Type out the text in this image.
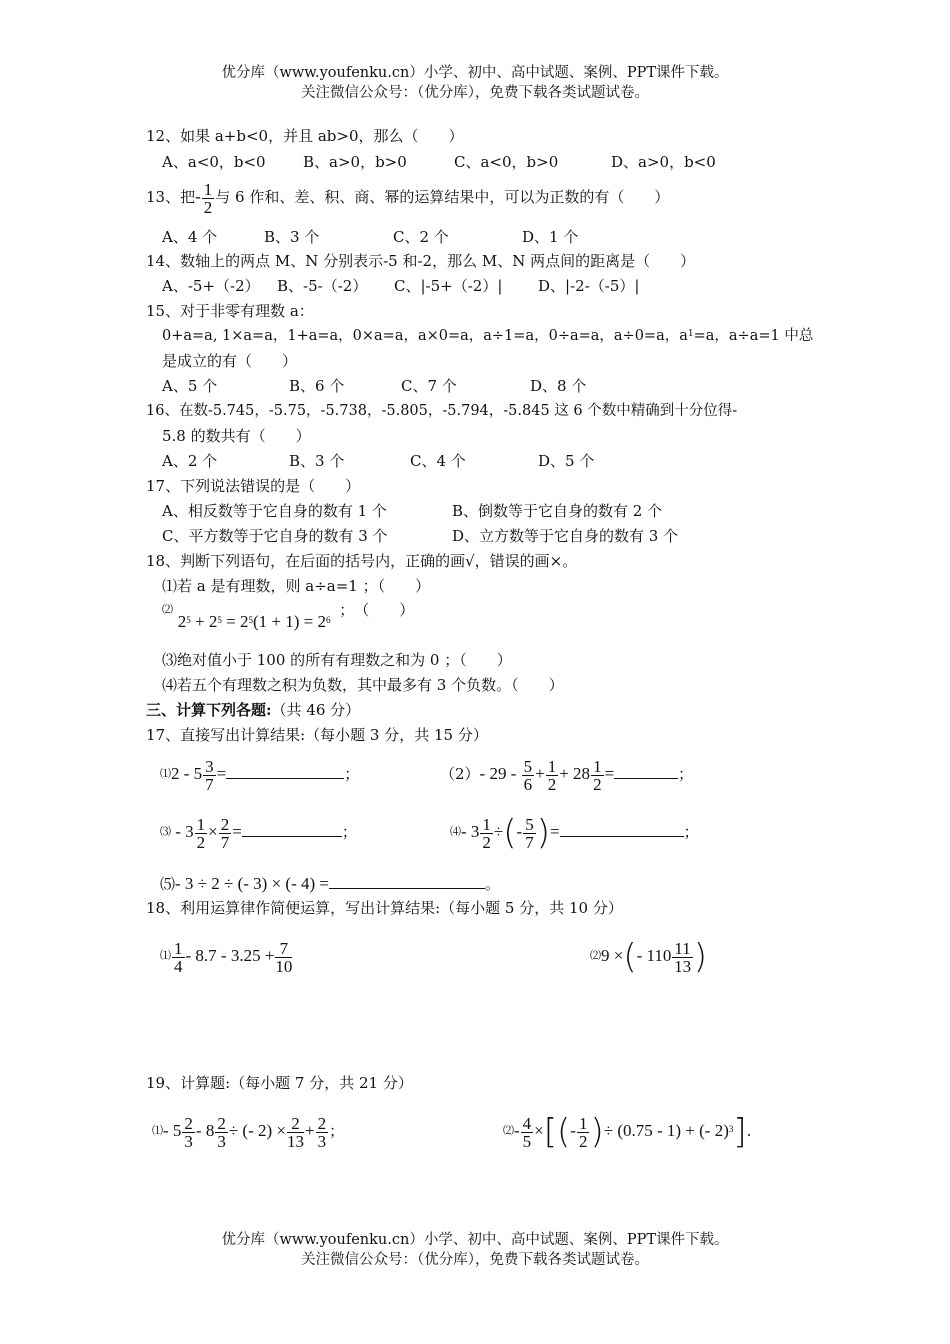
优分库（www.youfenku.cn）小学、初中、高中试题、案例、PPT课件下载。
关注微信公众号：（优分库），免费下载各类试题试卷。
12、如果 a+b<0，并且 ab>0，那么（　　）
A、a<0，b<0 B、a>0，b>0	C、a<0，b>0	D、a>0，b<0
13、把- $\frac{1}{2}$ 与 6 作和、差、积、商、幂的运算结果中，可以为正数的有（　　）
A、4 个	B、3 个	C、2 个	D、1 个
14、数轴上的两点 M、N 分别表示-5 和-2，那么 M、N 两点间的距离是（　　）
A、-5+（-2） B、-5-（-2） C、|-5+（-2）| D、|-2-（-5）|
15、对于非零有理数 a：
0+a=a, 1×a=a，1+a=a，0×a=a，a×0=a，a÷1=a，0÷a=a，a÷0=a，$a^1=a$，a÷a=1 中总
是成立的有（　　）
A、5 个	B、6 个	C、7 个	D、8 个
16、在数-5.745，-5.75，-5.738，-5.805，-5.794，-5.845 这 6 个数中精确到十分位得-
5.8 的数共有（　　）
A、2 个	B、3 个	C、4 个	D、5 个
17、下列说法错误的是（　　）
A、相反数等于它自身的数有 1 个	B、倒数等于它自身的数有 2 个
C、平方数等于它自身的数有 3 个	D、立方数等于它自身的数有 3 个
18、判断下列语句，在后面的括号内，正确的画√，错误的画×。
⑴若 a 是有理数，则 a÷a=1 ；（　　）
⑵ $2^5 + 2^5 = 2^5(1 + 1) = 2^6$ ；　（　　）
⑶绝对值小于 100 的所有有理数之和为 0 ；（　　）
⑷若五个有理数之积为负数，其中最多有 3 个负数。（　　）
三、计算下列各题:（共 46 分）
17、直接写出计算结果:（每小题 3 分，共 15 分）
$^⑴2 - 5 \frac{3}{7}$ =	；	（2）- $29 - \frac{5}{6} + \frac{1}{2} + 28 \frac{1}{2}$ =	；
$^⑶ - 3 \frac{1}{2} \times \frac{2}{7}$ =	；	⑷- $3 \frac{1}{2}$ ÷(- $\frac{5}{7}$ )=	；
⑸- 3 ÷ 2 ÷ (- 3) × (- 4) =	。
18、利用运算律作简便运算，写出计算结果:（每小题 5 分，共 10 分）
$^⑴ \frac{1}{4} - 8.7 - 3.25 + \frac{7}{10}$	⑵9 ×(- $110 \frac{11}{13}$ )
19、计算题:（每小题 7 分，共 21 分）
⑴- $5 \frac{2}{3} - 8 \frac{2}{3}$ ÷ (- $2) \times \frac{2}{13} + \frac{2}{3}$ ；	$^⑵- \frac{4}{5}$ ×[(- $\frac{1}{2}$ )÷ (0.75 - 1) + (- 2)$^3$].
优分库（www.youfenku.cn）小学、初中、高中试题、案例、PPT课件下载。
关注微信公众号：（优分库），免费下载各类试题试卷。
